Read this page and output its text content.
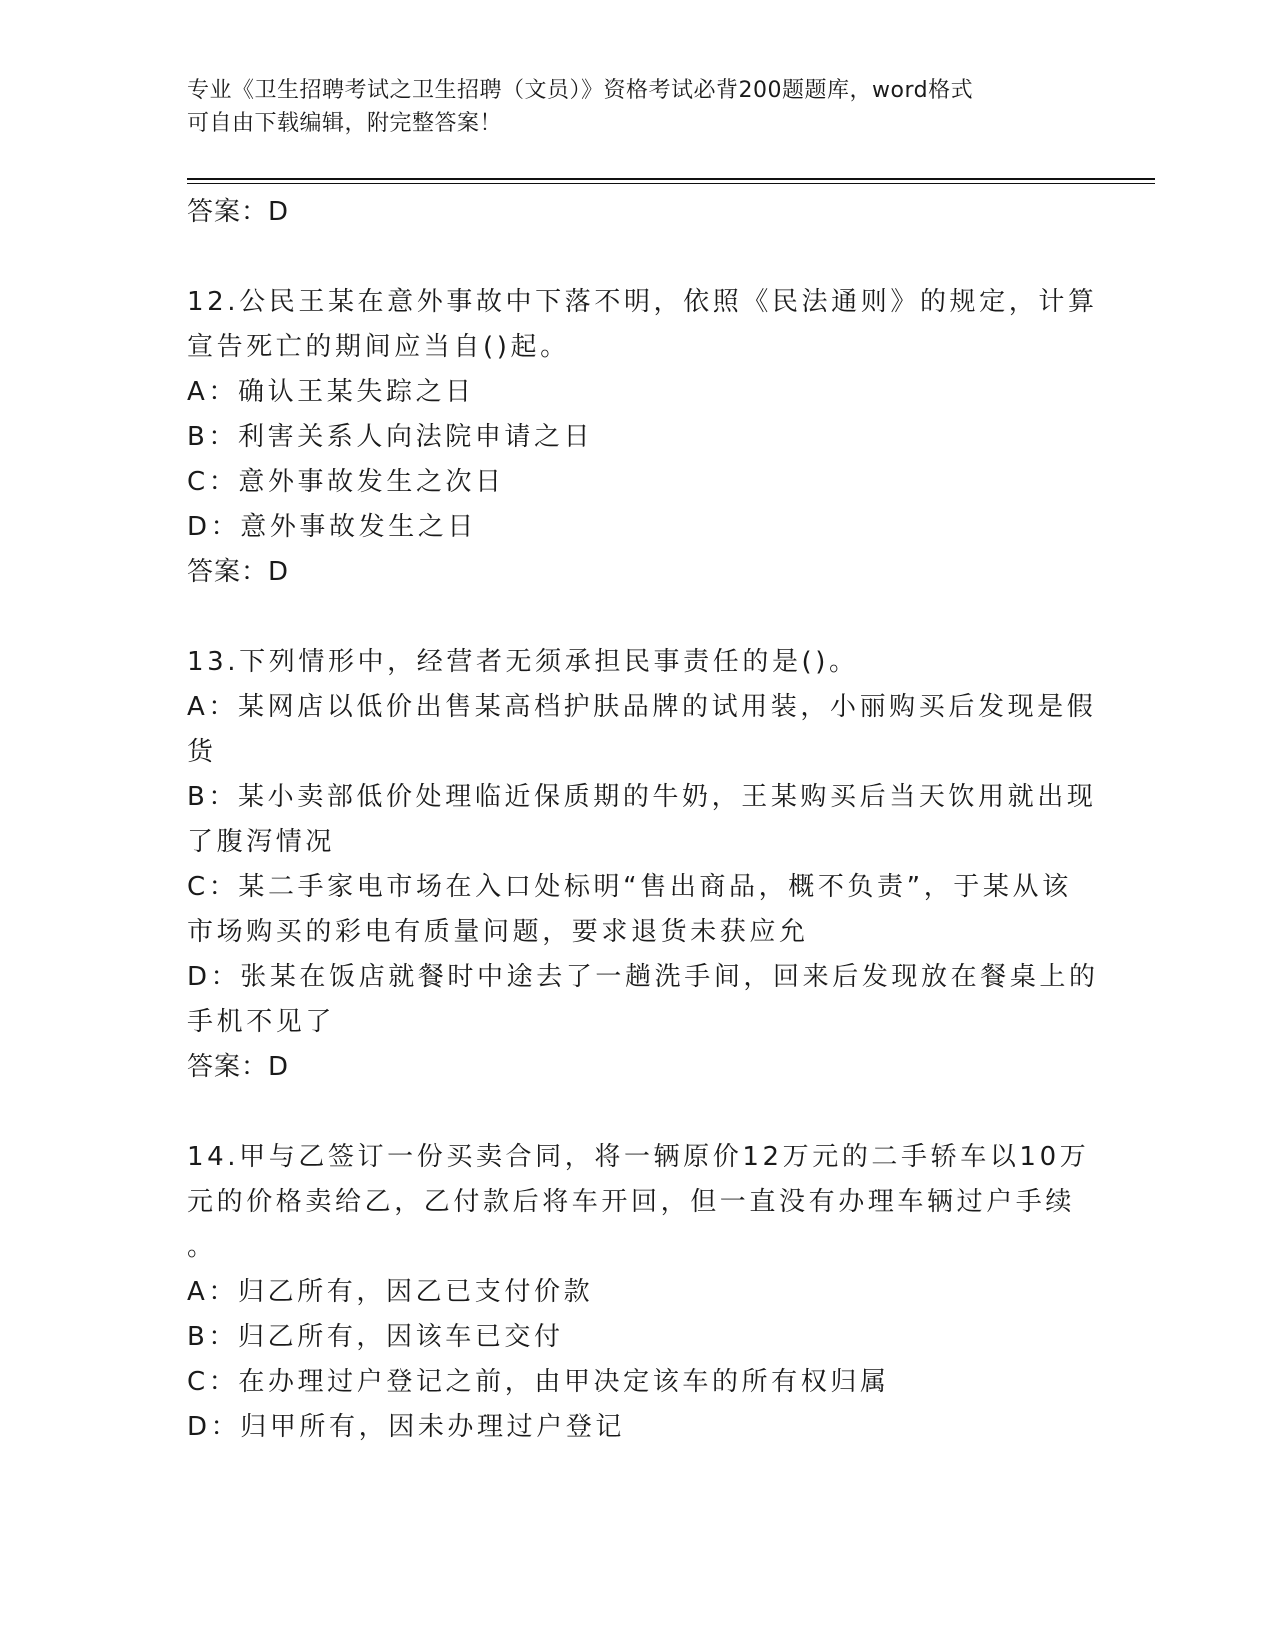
专业《卫生招聘考试之卫生招聘（文员）》资格考试必背200题题库，word格式
可自由下载编辑，附完整答案！
答案：D
12.公民王某在意外事故中下落不明，依照《民法通则》的规定，计算
宣告死亡的期间应当自()起。
A：确认王某失踪之日
B：利害关系人向法院申请之日
C：意外事故发生之次日
D：意外事故发生之日
答案：D
13.下列情形中，经营者无须承担民事责任的是()。
A：某网店以低价出售某高档护肤品牌的试用装，小丽购买后发现是假
货
B：某小卖部低价处理临近保质期的牛奶，王某购买后当天饮用就出现
了腹泻情况
C：某二手家电市场在入口处标明“售出商品，概不负责”，于某从该
市场购买的彩电有质量问题，要求退货未获应允
D：张某在饭店就餐时中途去了一趟洗手间，回来后发现放在餐桌上的
手机不见了
答案：D
14.甲与乙签订一份买卖合同，将一辆原价12万元的二手轿车以10万
元的价格卖给乙，乙付款后将车开回，但一直没有办理车辆过户手续
。
A：归乙所有，因乙已支付价款
B：归乙所有，因该车已交付
C：在办理过户登记之前，由甲决定该车的所有权归属
D：归甲所有，因未办理过户登记
